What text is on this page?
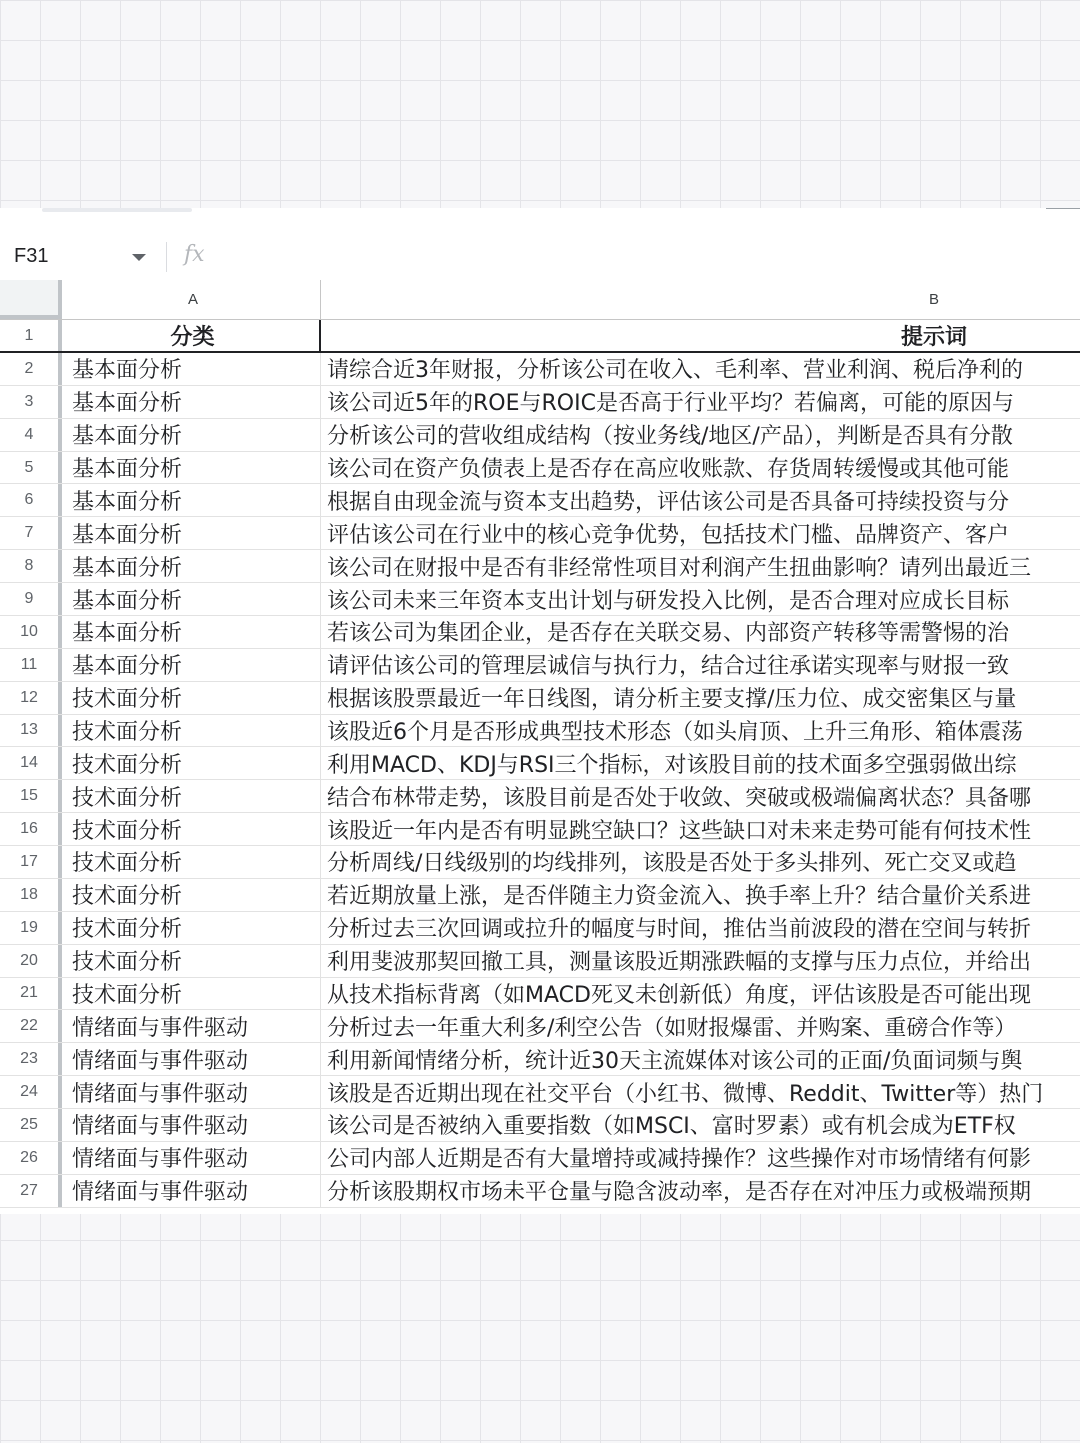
F31	fx
A	B
1	分类	提示词
2	基本面分析	请综合近3年财报，分析该公司在收入、毛利率、营业利润、税后净利的
3	基本面分析	该公司近5年的ROE与ROIC是否高于行业平均？若偏离，可能的原因与
4	基本面分析	分析该公司的营收组成结构（按业务线/地区/产品），判断是否具有分散
5	基本面分析	该公司在资产负债表上是否存在高应收账款、存货周转缓慢或其他可能
6	基本面分析	根据自由现金流与资本支出趋势，评估该公司是否具备可持续投资与分
7	基本面分析	评估该公司在行业中的核心竞争优势，包括技术门槛、品牌资产、客户
8	基本面分析	该公司在财报中是否有非经常性项目对利润产生扭曲影响？请列出最近三
9	基本面分析	该公司未来三年资本支出计划与研发投入比例，是否合理对应成长目标
10	基本面分析	若该公司为集团企业，是否存在关联交易、内部资产转移等需警惕的治
11	基本面分析	请评估该公司的管理层诚信与执行力，结合过往承诺实现率与财报一致
12	技术面分析	根据该股票最近一年日线图，请分析主要支撑/压力位、成交密集区与量
13	技术面分析	该股近6个月是否形成典型技术形态（如头肩顶、上升三角形、箱体震荡
14	技术面分析	利用MACD、KDJ与RSI三个指标，对该股目前的技术面多空强弱做出综
15	技术面分析	结合布林带走势，该股目前是否处于收敛、突破或极端偏离状态？具备哪
16	技术面分析	该股近一年内是否有明显跳空缺口？这些缺口对未来走势可能有何技术性
17	技术面分析	分析周线/日线级别的均线排列，该股是否处于多头排列、死亡交叉或趋
18	技术面分析	若近期放量上涨，是否伴随主力资金流入、换手率上升？结合量价关系进
19	技术面分析	分析过去三次回调或拉升的幅度与时间，推估当前波段的潜在空间与转折
20	技术面分析	利用斐波那契回撤工具，测量该股近期涨跌幅的支撑与压力点位，并给出
21	技术面分析	从技术指标背离（如MACD死叉未创新低）角度，评估该股是否可能出现
22	情绪面与事件驱动	分析过去一年重大利多/利空公告（如财报爆雷、并购案、重磅合作等）
23	情绪面与事件驱动	利用新闻情绪分析，统计近30天主流媒体对该公司的正面/负面词频与舆
24	情绪面与事件驱动	该股是否近期出现在社交平台（小红书、微博、Reddit、Twitter等）热门
25	情绪面与事件驱动	该公司是否被纳入重要指数（如MSCI、富时罗素）或有机会成为ETF权
26	情绪面与事件驱动	公司内部人近期是否有大量增持或减持操作？这些操作对市场情绪有何影
27	情绪面与事件驱动	分析该股期权市场未平仓量与隐含波动率，是否存在对冲压力或极端预期
